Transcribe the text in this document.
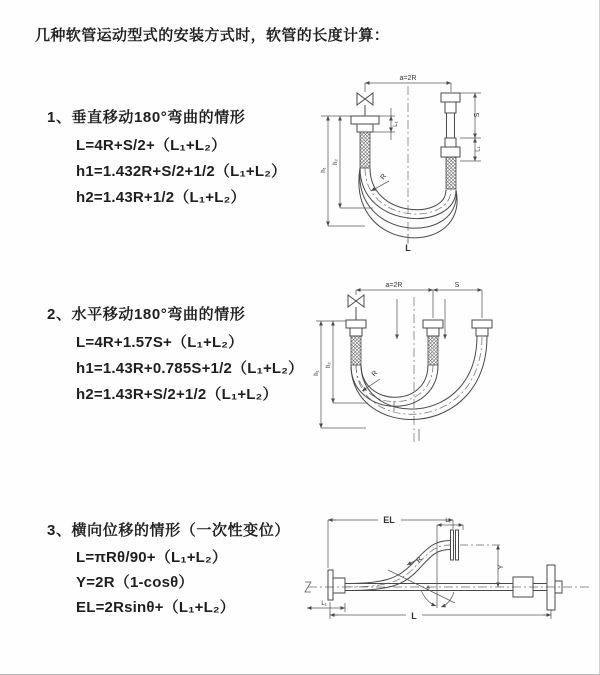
几种软管运动型式的安装方式时，软管的长度计算：
1、垂直移动180°弯曲的情形
L=4R+S/2+（L₁+L₂）
h1=1.432R+S/2+1/2（L₁+L₂）
h2=1.43R+1/2（L₁+L₂）
2、水平移动180°弯曲的情形
L=4R+1.57S+（L₁+L₂）
h1=1.43R+0.785S+1/2（L₁+L₂）
h2=1.43R+S/2+1/2（L₁+L₂）
3、横向位移的情形（一次性变位）
L=πRθ/90+（L₁+L₂）
Y=2R（1-cosθ）
EL=2Rsinθ+（L₁+L₂）
a=2R
S
L₁
L₁
h₁
h₂
R
L
a=2R	S
h₁
h₂
R
EL	L₁
R
θ
Y
L
L₁
